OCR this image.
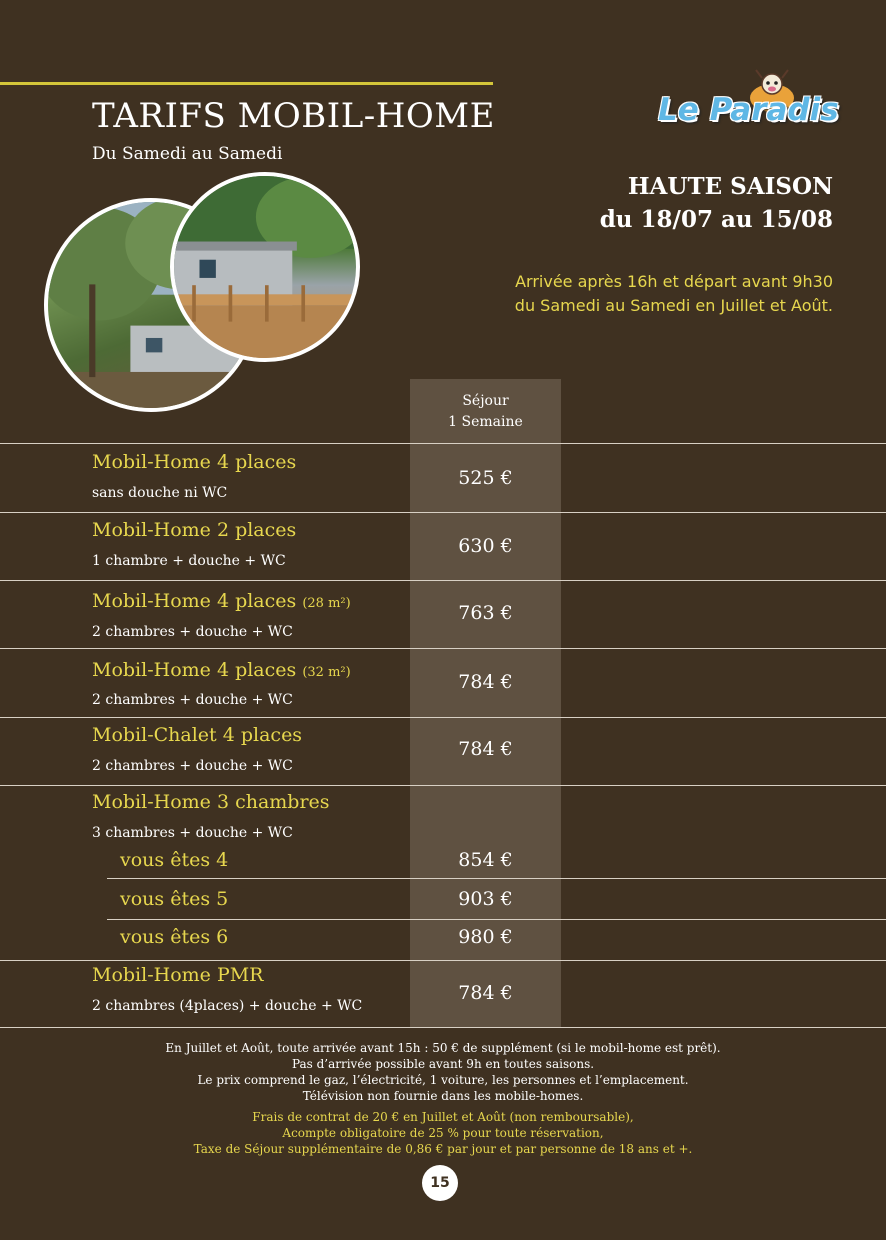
TARIFS MOBIL-HOME
Du Samedi au Samedi
Le Paradis
HAUTE SAISON
du 18/07 au 15/08
Arrivée après 16h et départ avant 9h30
du Samedi au Samedi en Juillet et Août.
Séjour
1 Semaine
Mobil-Home 4 places
sans douche ni WC
525 €
Mobil-Home 2 places
1 chambre + douche + WC
630 €
Mobil-Home 4 places (28 m²)
2 chambres + douche + WC
763 €
Mobil-Home 4 places (32 m²)
2 chambres + douche + WC
784 €
Mobil-Chalet 4 places
2 chambres + douche + WC
784 €
Mobil-Home 3 chambres
3 chambres + douche + WC
vous êtes 4	854 €
vous êtes 5	903 €
vous êtes 6	980 €
Mobil-Home PMR
2 chambres (4places) + douche + WC
784 €
En Juillet et Août, toute arrivée avant 15h : 50 € de supplément (si le mobil-home est prêt).
Pas d’arrivée possible avant 9h en toutes saisons.
Le prix comprend le gaz, l’électricité, 1 voiture, les personnes et l’emplacement.
Télévision non fournie dans les mobile-homes.
Frais de contrat de 20 € en Juillet et Août (non remboursable),
Acompte obligatoire de 25 % pour toute réservation,
Taxe de Séjour supplémentaire de 0,86 € par jour et par personne de 18 ans et +.
15
